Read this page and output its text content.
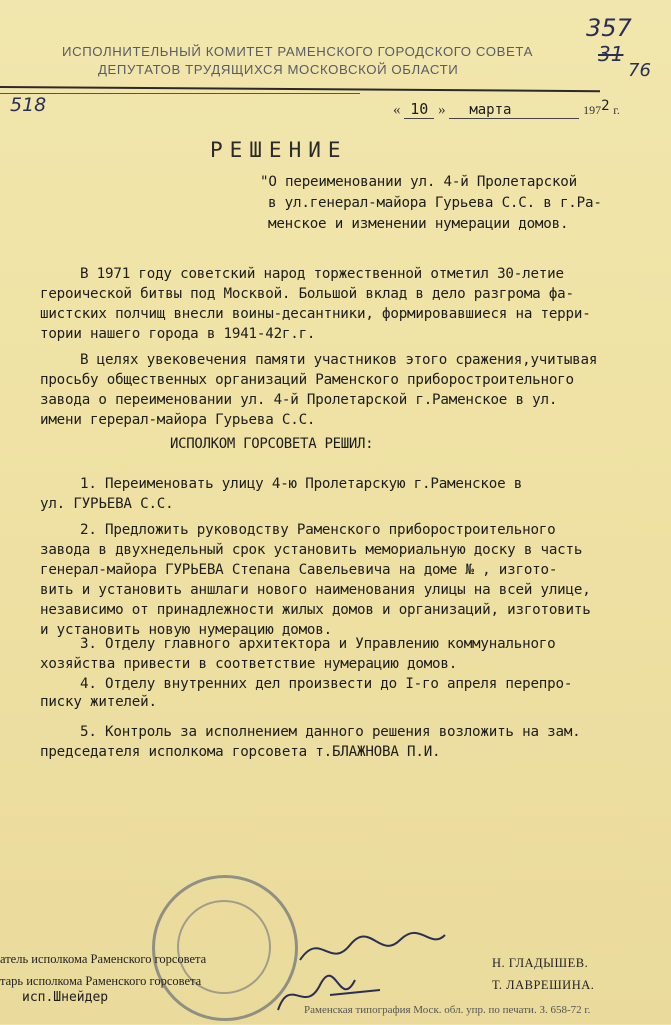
357
31
76
518
ИСПОЛНИТЕЛЬНЫЙ КОМИТЕТ РАМЕНСКОГО ГОРОДСКОГО СОВЕТА
ДЕПУТАТОВ ТРУДЯЩИХСЯ МОСКОВСКОЙ ОБЛАСТИ
« 10 » марта	1972 г.
РЕШЕНИЕ
"О переименовании ул. 4-й Пролетарской
в ул.генерал-майора Гурьева С.С. в г.Ра-
менское и изменении нумерации домов.
В 1971 году советский народ торжественной отметил 30-летие
героической битвы под Москвой. Большой вклад в дело разгрома фа-
шистских полчищ внесли воины-десантники, формировавшиеся на терри-
тории нашего города в 1941-42г.г.
В целях увековечения памяти участников этого сражения,учитывая
просьбу общественных организаций Раменского приборостроительного
завода о переименовании ул. 4-й Пролетарской г.Раменское в ул.
имени герерал-майора Гурьева С.С.
ИСПОЛКОМ ГОРСОВЕТА РЕШИЛ:
1. Переименовать улицу 4-ю Пролетарскую г.Раменское в
ул. ГУРЬЕВА С.С.
2. Предложить руководству Раменского приборостроительного
завода в двухнедельный срок установить мемориальную доску в часть
генерал-майора ГУРЬЕВА Степана Савельевича на доме № , изгото-
вить и установить аншлаги нового наименования улицы на всей улице,
независимо от принадлежности жилых домов и организаций, изготовить
и установить новую нумерацию домов.
3. Отделу главного архитектора и Управлению коммунального
хозяйства привести в соответствие нумерацию домов.
4. Отделу внутренних дел произвести до I-го апреля перепро-
писку жителей.
5. Контроль за исполнением данного решения возложить на зам.
председателя исполкома горсовета т.БЛАЖНОВА П.И.
атель исполкома Раменского горсовета	Н. ГЛАДЫШЕВ.
тарь исполкома Раменского горсовета	Т. ЛАВРЕШИНА.
исп.Шнейдер
Раменская типография Моск. обл. упр. по печати. З. 658-72 г.
